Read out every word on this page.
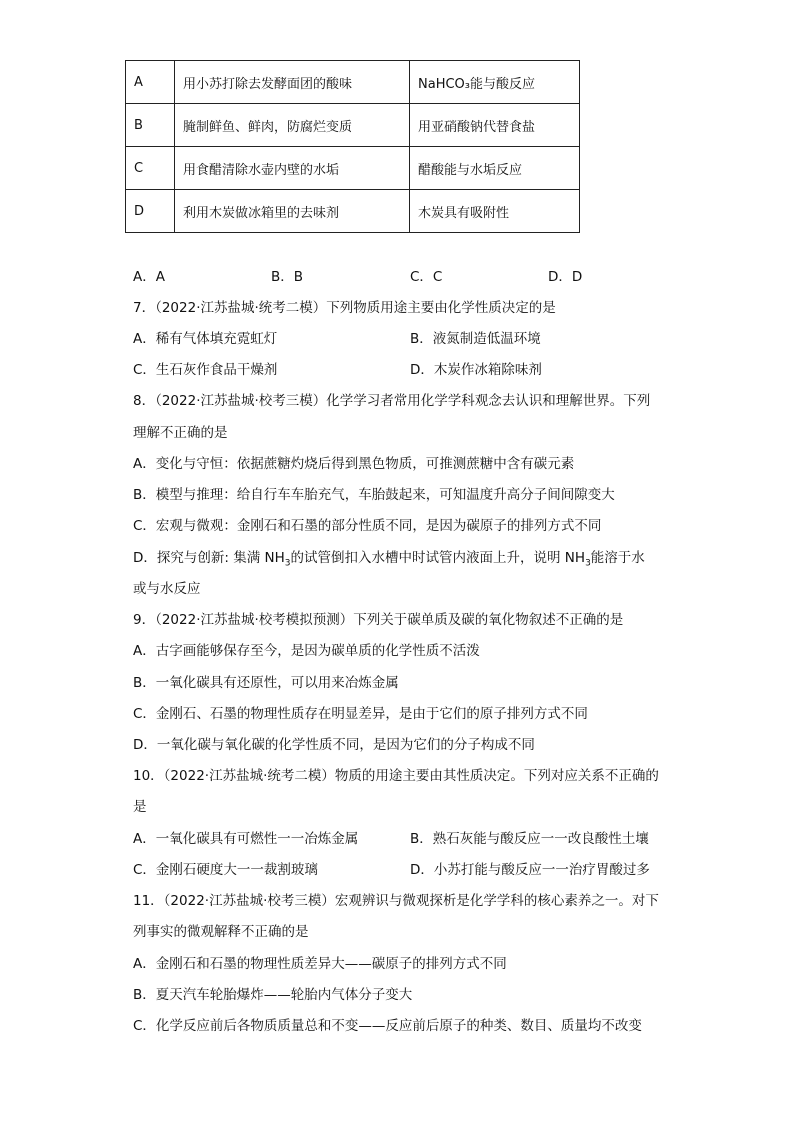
A	用小苏打除去发酵面团的酸味	NaHCO₃能与酸反应
B	腌制鲜鱼、鲜肉，防腐烂变质	用亚硝酸钠代替食盐
C	用食醋清除水壶内壁的水垢	醋酸能与水垢反应
D	利用木炭做冰箱里的去味剂	木炭具有吸附性
A．A	B．B	C．C	D．D
7．（2022·江苏盐城·统考二模）下列物质用途主要由化学性质决定的是
A．稀有气体填充霓虹灯	B．液氮制造低温环境
C．生石灰作食品干燥剂	D．木炭作冰箱除味剂
8．（2022·江苏盐城·校考三模）化学学习者常用化学学科观念去认识和理解世界。下列
理解不正确的是
A．变化与守恒：依据蔗糖灼烧后得到黑色物质，可推测蔗糖中含有碳元素
B．模型与推理：给自行车车胎充气，车胎鼓起来，可知温度升高分子间间隙变大
C．宏观与微观：金刚石和石墨的部分性质不同，是因为碳原子的排列方式不同
D．探究与创新: 集满 $NH_3$的试管倒扣入水槽中时试管内液面上升，说明 $NH_3$能溶于水
或与水反应
9．（2022·江苏盐城·校考模拟预测）下列关于碳单质及碳的氧化物叙述不正确的是
A．古字画能够保存至今，是因为碳单质的化学性质不活泼
B．一氧化碳具有还原性，可以用来冶炼金属
C．金刚石、石墨的物理性质存在明显差异，是由于它们的原子排列方式不同
D．一氧化碳与氧化碳的化学性质不同，是因为它们的分子构成不同
10．（2022·江苏盐城·统考二模）物质的用途主要由其性质决定。下列对应关系不正确的
是
A．一氧化碳具有可燃性一一冶炼金属	B．熟石灰能与酸反应一一改良酸性土壤
C．金刚石硬度大一一裁割玻璃	D．小苏打能与酸反应一一治疗胃酸过多
11．（2022·江苏盐城·校考三模）宏观辨识与微观探析是化学学科的核心素养之一。对下
列事实的微观解释不正确的是
A．金刚石和石墨的物理性质差异大——碳原子的排列方式不同
B．夏天汽车轮胎爆炸——轮胎内气体分子变大
C．化学反应前后各物质质量总和不变——反应前后原子的种类、数目、质量均不改变
